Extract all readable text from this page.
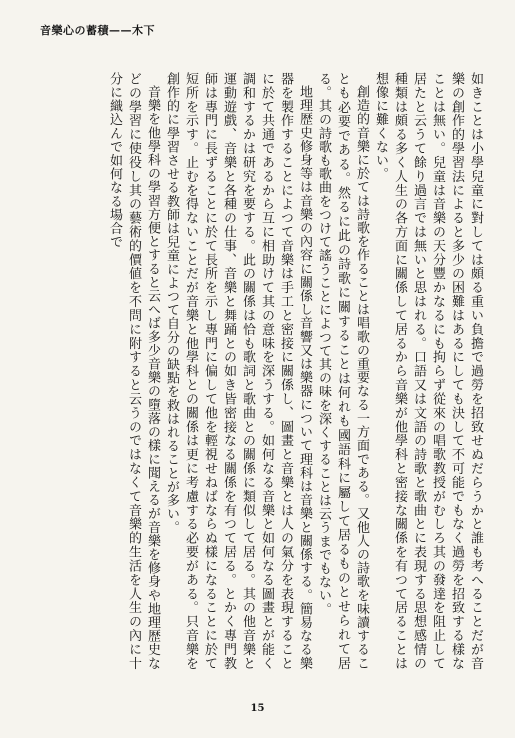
音樂心の蓄積——木下

如きことは小學兒童に對しては頗る重い負擔で過勞を招致せぬだらうかと誰も考へることだが音樂の創作的學習法によると多少の困難はあるにしても決して不可能でもなく過勞を招致する樣なことは無い。兒童は音樂の天分豐かなるにも拘らず從來の唱歌教授がむしろ其の發達を阻止して居たと云うて餘り過言では無いと思はれる。口語又は文語の詩歌と歌曲とに表現する思想感情の種類は頗る多く人生の各方面に關係して居るから音樂が他學科と密接な關係を有つて居ることは想像に難くない。

創造的音樂に於ては詩歌を作ることは唱歌の重要なる一方面である。又他人の詩歌を味讀することも必要である。然るに此の詩歌に關することは何れも國語科に屬して居るものとせられて居る。其の詩歌も歌曲をつけて謠うことによつて其の味を深くすることは云うまでもない。

地理歴史修身等は音樂の內容に關係し音響又は樂器について理科は音樂と關係する。簡易なる樂器を製作することによつて音樂は手工と密接に關係し、圖畫と音樂とは人の氣分を表現することに於て共通であるから互に相助けて其の意味を深うする。如何なる音樂と如何なる圖畫とが能く調和するかは研究を要する。此の關係は恰も歌詞と歌曲との關係に類似して居る。其の他音樂と運動遊戲、音樂と各種の仕事、音樂と舞踊との如き皆密接なる關係を有つて居る。とかく專門教師は專門に長ずることに於て長所を示し專門に偏して他を輕視せねばならぬ樣になることに於て短所を示す。止むを得ないことだが音樂と他學科との關係は更に考慮する必要がある。只音樂を創作的に學習させる教師は兒童によつて自分の缺點を救はれることが多い。

音樂を他學科の學習方便とすると云へば多少音樂の墮落の樣に聞えるが音樂を修身や地理歴史などの學習に使役し其の藝術的價値を不問に附すると云うのではなくて音樂的生活を人生の內に十分に織込んで如何なる場合で

15
